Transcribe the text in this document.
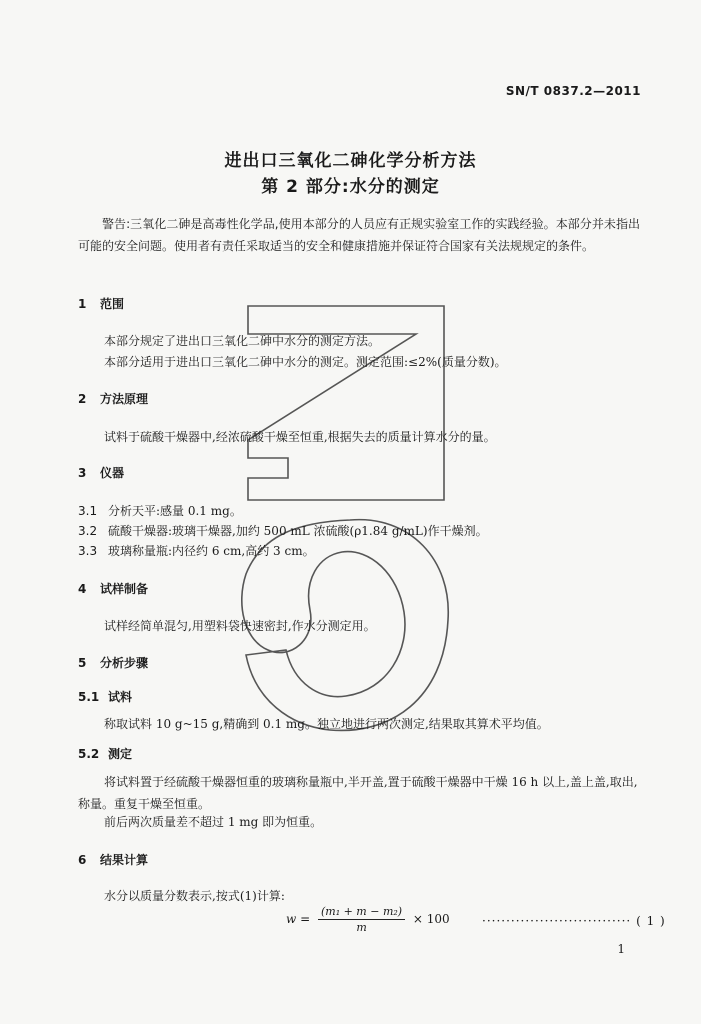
SN/T 0837.2—2011
进出口三氧化二砷化学分析方法
第 2 部分:水分的测定
警告:三氧化二砷是高毒性化学品,使用本部分的人员应有正规实验室工作的实践经验。本部分并未指出可能的安全问题。使用者有责任采取适当的安全和健康措施并保证符合国家有关法规规定的条件。
1 范围
本部分规定了进出口三氧化二砷中水分的测定方法。
本部分适用于进出口三氧化二砷中水分的测定。测定范围:≤2%(质量分数)。
2 方法原理
试料于硫酸干燥器中,经浓硫酸干燥至恒重,根据失去的质量计算水分的量。
3 仪器
3.1 分析天平:感量 0.1 mg。
3.2 硫酸干燥器:玻璃干燥器,加约 500 mL 浓硫酸(ρ1.84 g/mL)作干燥剂。
3.3 玻璃称量瓶:内径约 6 cm,高约 3 cm。
4 试样制备
试样经简单混匀,用塑料袋快速密封,作水分测定用。
5 分析步骤
5.1 试料
称取试料 10 g~15 g,精确到 0.1 mg。独立地进行两次测定,结果取其算术平均值。
5.2 测定
将试料置于经硫酸干燥器恒重的玻璃称量瓶中,半开盖,置于硫酸干燥器中干燥 16 h 以上,盖上盖,取出,称量。重复干燥至恒重。
前后两次质量差不超过 1 mg 即为恒重。
6 结果计算
水分以质量分数表示,按式(1)计算:
$w = \frac{\text{(m₁ + m − m₂)}}{m} \times 100$	······························· ( 1 )
1
